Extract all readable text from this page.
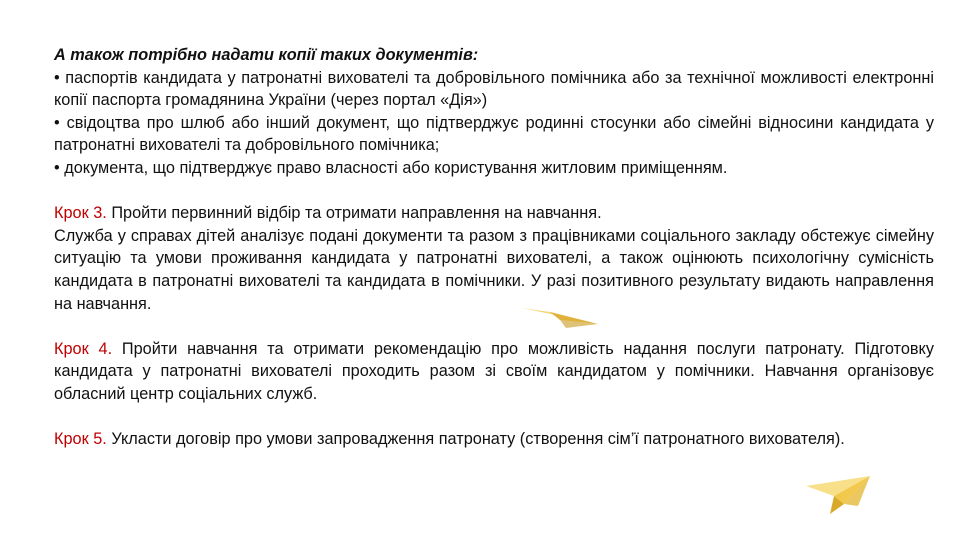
А також потрібно надати копії таких документів:

• паспортів кандидата у патронатні вихователі та добровільного помічника або за технічної можливості електронні копії паспорта громадянина України (через портал «Дія»)

• свідоцтва про шлюб або інший документ, що підтверджує родинні стосунки або сімейні відносини кандидата у патронатні вихователі та добровільного помічника;

• документа, що підтверджує право власності або користування житловим приміщенням.

Крок 3. Пройти первинний відбір та отримати направлення на навчання.

Служба у справах дітей аналізує подані документи та разом з працівниками соціального закладу обстежує сімейну ситуацію та умови проживання кандидата у патронатні вихователі, а також оцінюють психологічну сумісність кандидата в патронатні вихователі та кандидата в помічники. У разі позитивного результату видають направлення на навчання.

Крок 4. Пройти навчання та отримати рекомендацію про можливість надання послуги патронату. Підготовку кандидата у патронатні вихователі проходить разом зі своїм кандидатом у помічники. Навчання організовує обласний центр соціальних служб.

Крок 5. Укласти договір про умови запровадження патронату (створення сім’ї патронатного вихователя).
